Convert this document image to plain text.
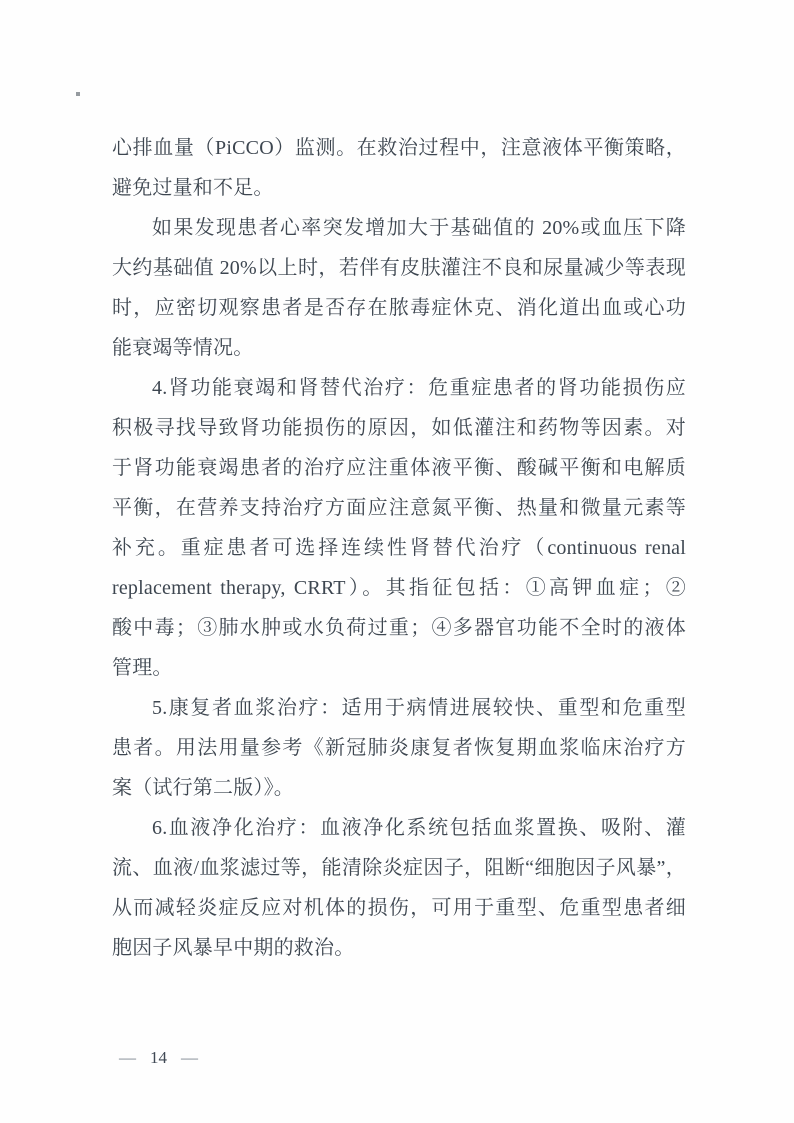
心排血量（PiCCO）监测。在救治过程中，注意液体平衡策略，
避免过量和不足。
如果发现患者心率突发增加大于基础值的 20%或血压下降
大约基础值 20%以上时，若伴有皮肤灌注不良和尿量减少等表现
时，应密切观察患者是否存在脓毒症休克、消化道出血或心功
能衰竭等情况。
4.肾功能衰竭和肾替代治疗：危重症患者的肾功能损伤应
积极寻找导致肾功能损伤的原因，如低灌注和药物等因素。对
于肾功能衰竭患者的治疗应注重体液平衡、酸碱平衡和电解质
平衡，在营养支持治疗方面应注意氮平衡、热量和微量元素等
补充。重症患者可选择连续性肾替代治疗（continuous renal
replacement therapy, CRRT）。其指征包括：①高钾血症；②
酸中毒；③肺水肿或水负荷过重；④多器官功能不全时的液体
管理。
5.康复者血浆治疗：适用于病情进展较快、重型和危重型
患者。用法用量参考《新冠肺炎康复者恢复期血浆临床治疗方
案（试行第二版）》。
6.血液净化治疗：血液净化系统包括血浆置换、吸附、灌
流、血液/血浆滤过等，能清除炎症因子，阻断“细胞因子风暴”，
从而减轻炎症反应对机体的损伤，可用于重型、危重型患者细
胞因子风暴早中期的救治。
— 14 —
